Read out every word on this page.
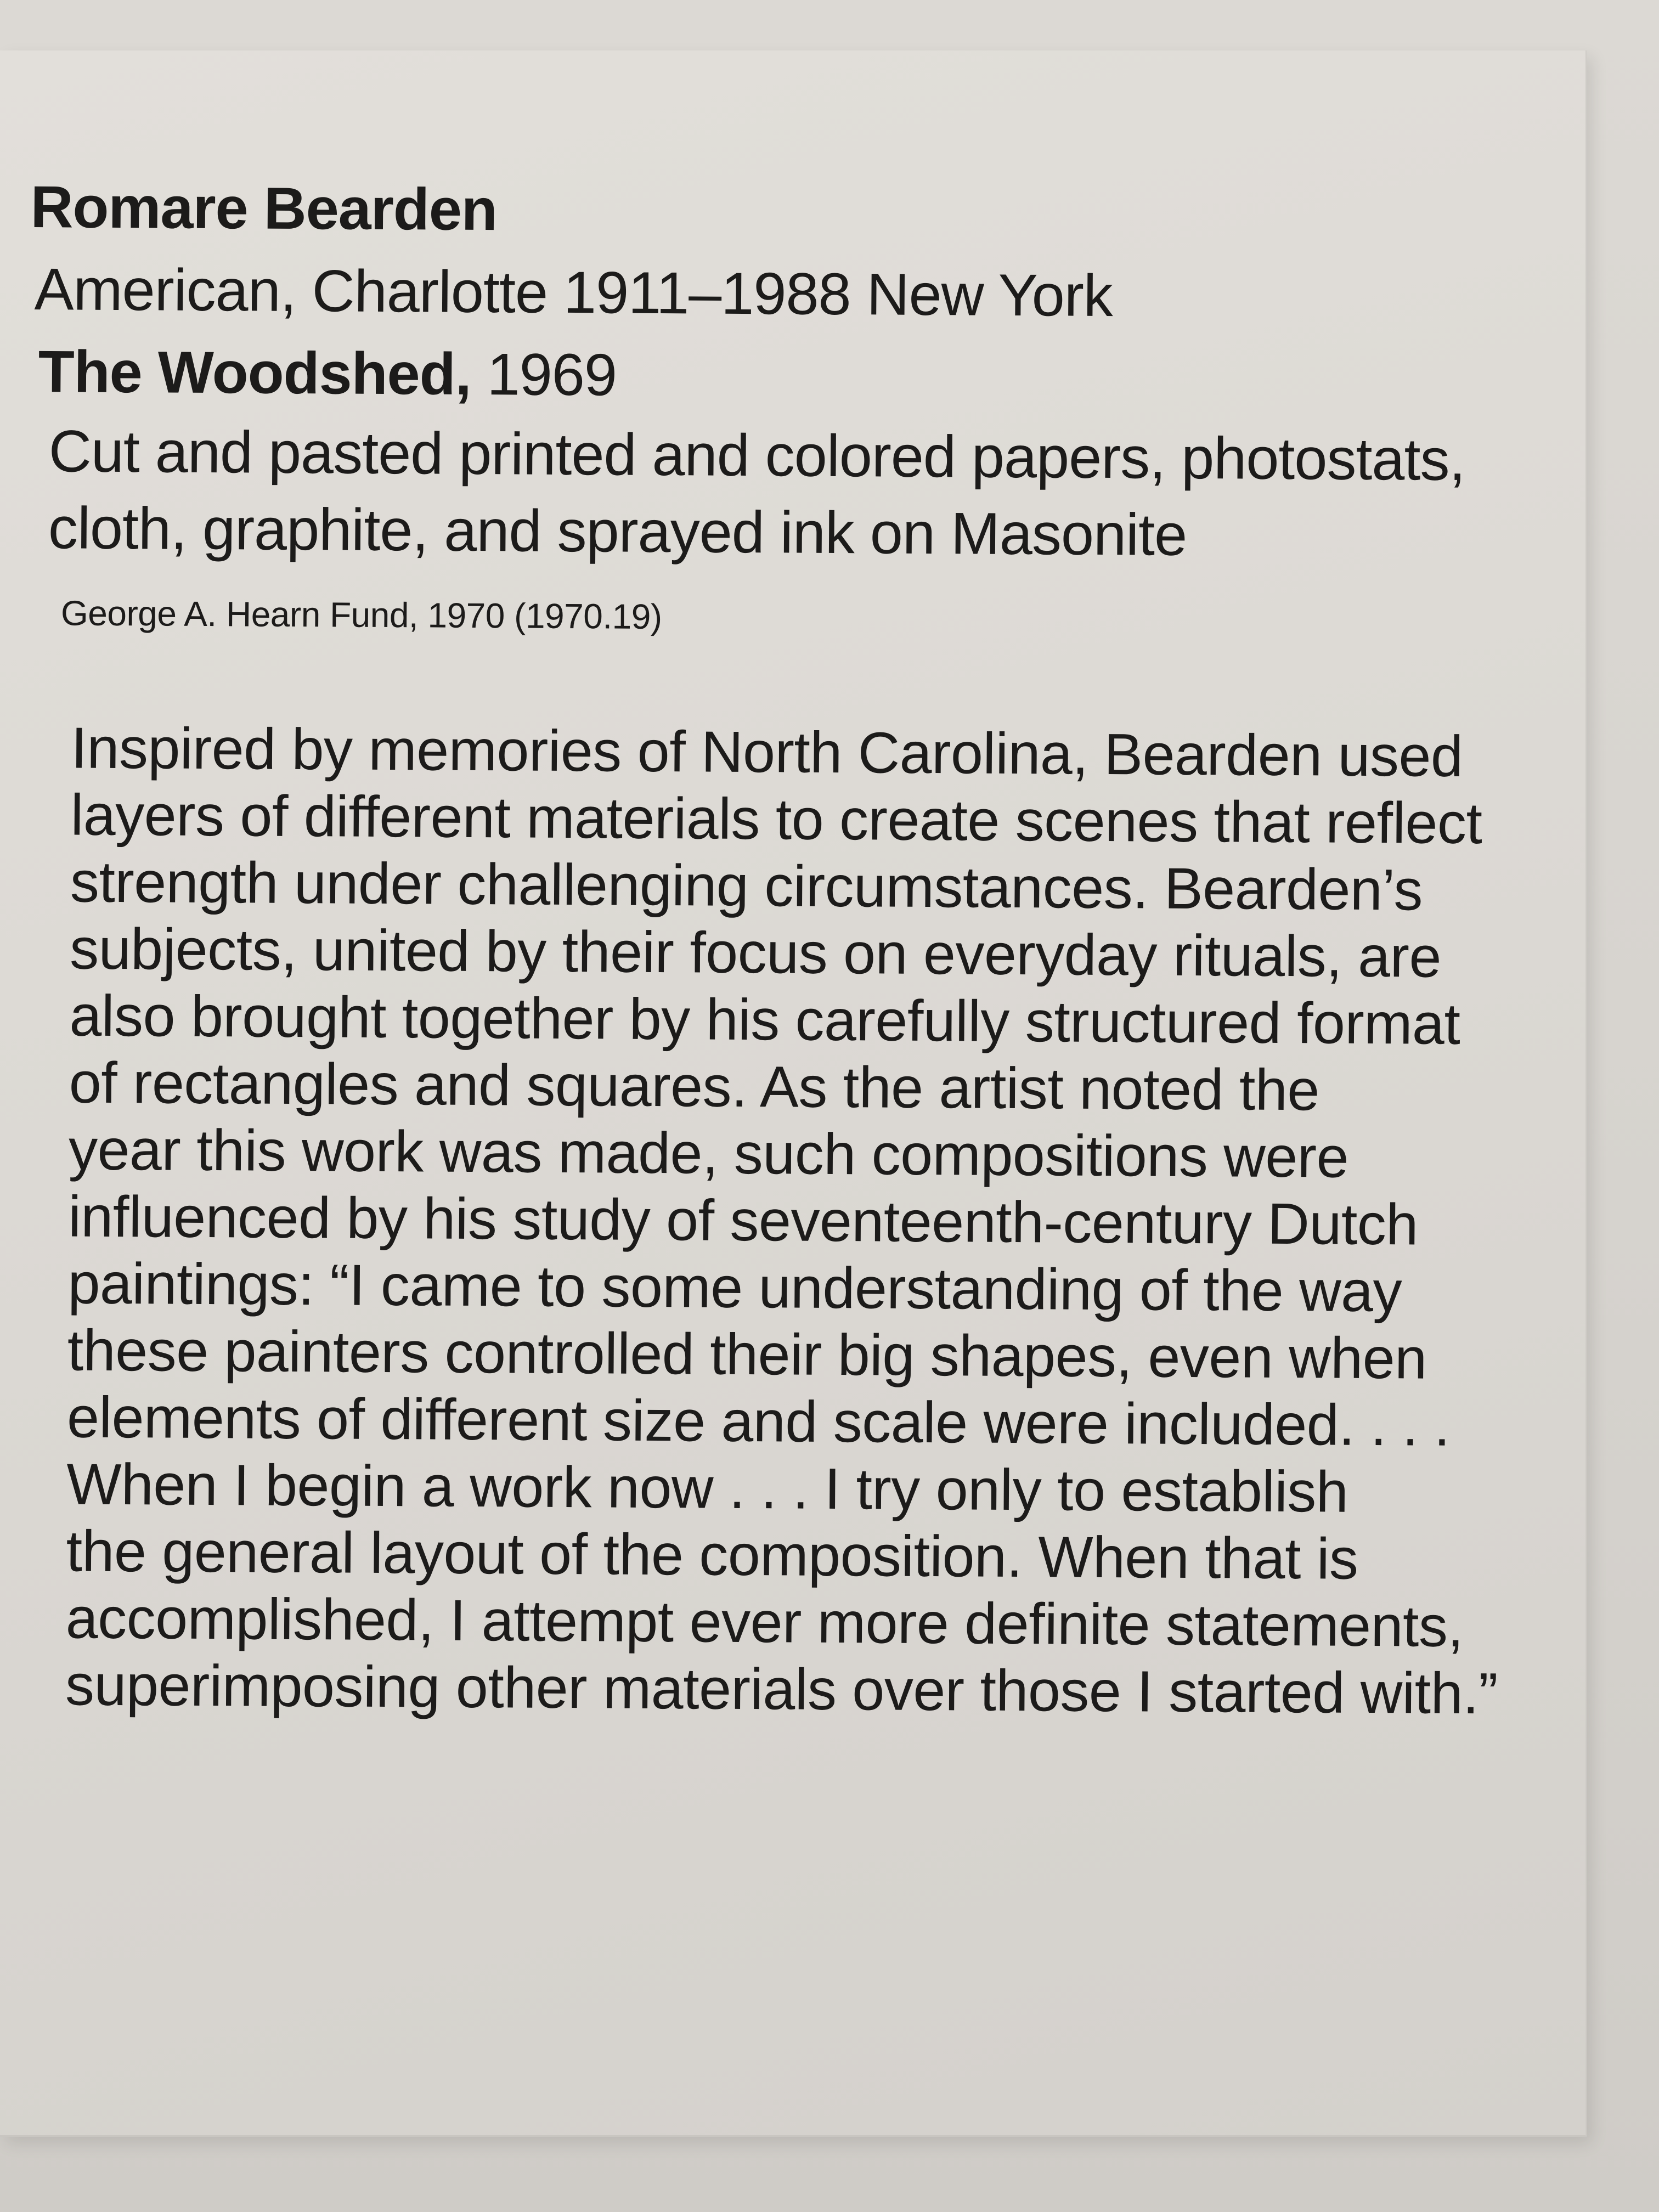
Romare Bearden
American, Charlotte 1911–1988 New York
The Woodshed, 1969
Cut and pasted printed and colored papers, photostats,
cloth, graphite, and sprayed ink on Masonite
George A. Hearn Fund, 1970 (1970.19)
Inspired by memories of North Carolina, Bearden used
layers of different materials to create scenes that reflect
strength under challenging circumstances. Bearden’s
subjects, united by their focus on everyday rituals, are
also brought together by his carefully structured format
of rectangles and squares. As the artist noted the
year this work was made, such compositions were
influenced by his study of seventeenth-century Dutch
paintings: “I came to some understanding of the way
these painters controlled their big shapes, even when
elements of different size and scale were included. . . .
When I begin a work now . . . I try only to establish
the general layout of the composition. When that is
accomplished, I attempt ever more definite statements,
superimposing other materials over those I started with.”
